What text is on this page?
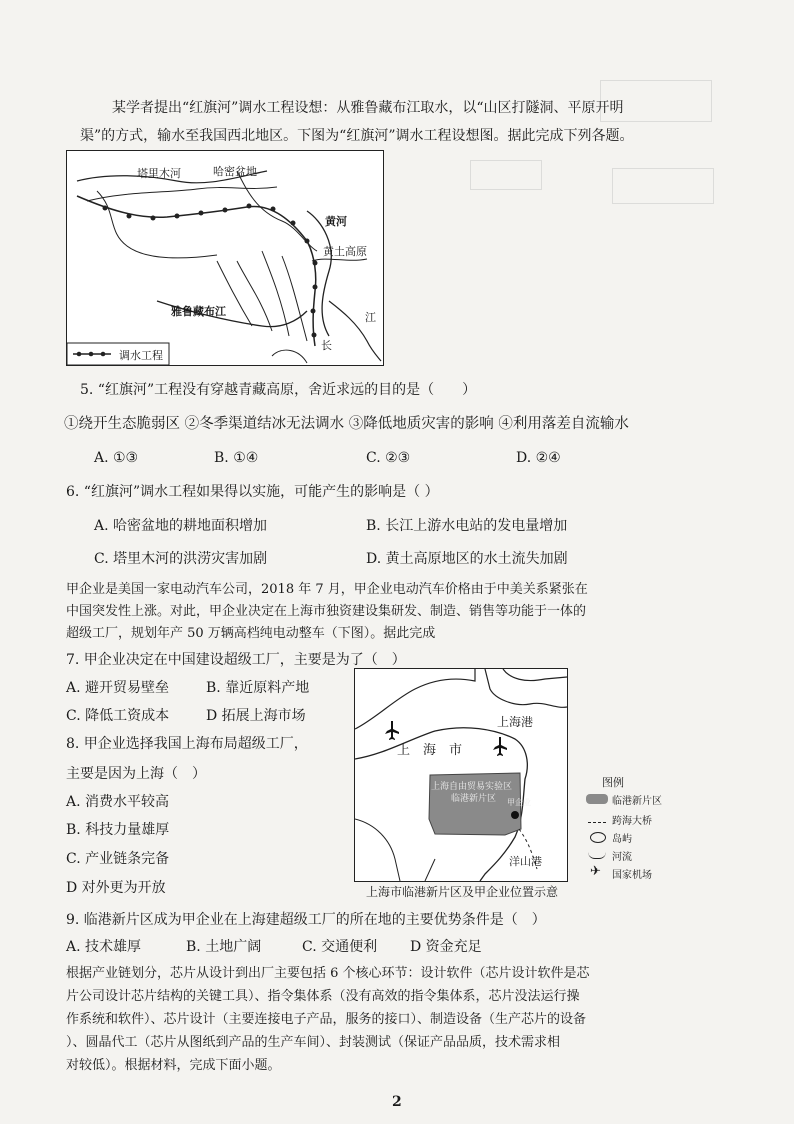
某学者提出“红旗河”调水工程设想：从雅鲁藏布江取水，以“山区打隧洞、平原开明
渠”的方式，输水至我国西北地区。下图为“红旗河”调水工程设想图。据此完成下列各题。
塔里木河	哈密盆地
黄河
黄土高原
雅鲁藏布江	江
长
调水工程
5. “红旗河”工程没有穿越青藏高原，舍近求远的目的是（　　）
①绕开生态脆弱区 ②冬季渠道结冰无法调水 ③降低地质灾害的影响 ④利用落差自流输水
A. ①③	B. ①④	C. ②③	D. ②④
6. “红旗河”调水工程如果得以实施，可能产生的影响是（ ）
A. 哈密盆地的耕地面积增加	B. 长江上游水电站的发电量增加
C. 塔里木河的洪涝灾害加剧	D. 黄土高原地区的水土流失加剧
甲企业是美国一家电动汽车公司，2018 年 7 月，甲企业电动汽车价格由于中美关系紧张在
中国突发性上涨。对此，甲企业决定在上海市独资建设集研发、制造、销售等功能于一体的
超级工厂，规划年产 50 万辆高档纯电动整车（下图）。据此完成
7. 甲企业决定在中国建设超级工厂，主要是为了（　）
A. 避开贸易壁垒	B. 靠近原料产地
C. 降低工资成本	D 拓展上海市场
8. 甲企业选择我国上海布局超级工厂，
主要是因为上海（　）
A. 消费水平较高
B. 科技力量雄厚
C. 产业链条完备
D 对外更为开放
上海港
上　海　市
上海自由贸易实验区
临港新片区 甲企业
洋山港
上海市临港新片区及甲企业位置示意
图例
临港新片区
跨海大桥
岛屿
河流
✈ 国家机场
9. 临港新片区成为甲企业在上海建超级工厂的所在地的主要优势条件是（　）
A. 技术雄厚	B. 土地广阔	C. 交通便利 D 资金充足
根据产业链划分，芯片从设计到出厂主要包括 6 个核心环节：设计软件（芯片设计软件是芯
片公司设计芯片结构的关键工具）、指令集体系（没有高效的指令集体系，芯片没法运行操
作系统和软件）、芯片设计（主要连接电子产品，服务的接口）、制造设备（生产芯片的设备
）、圆晶代工（芯片从图纸到产品的生产车间）、封装测试（保证产品品质，技术需求相
对较低）。根据材料，完成下面小题。
2
